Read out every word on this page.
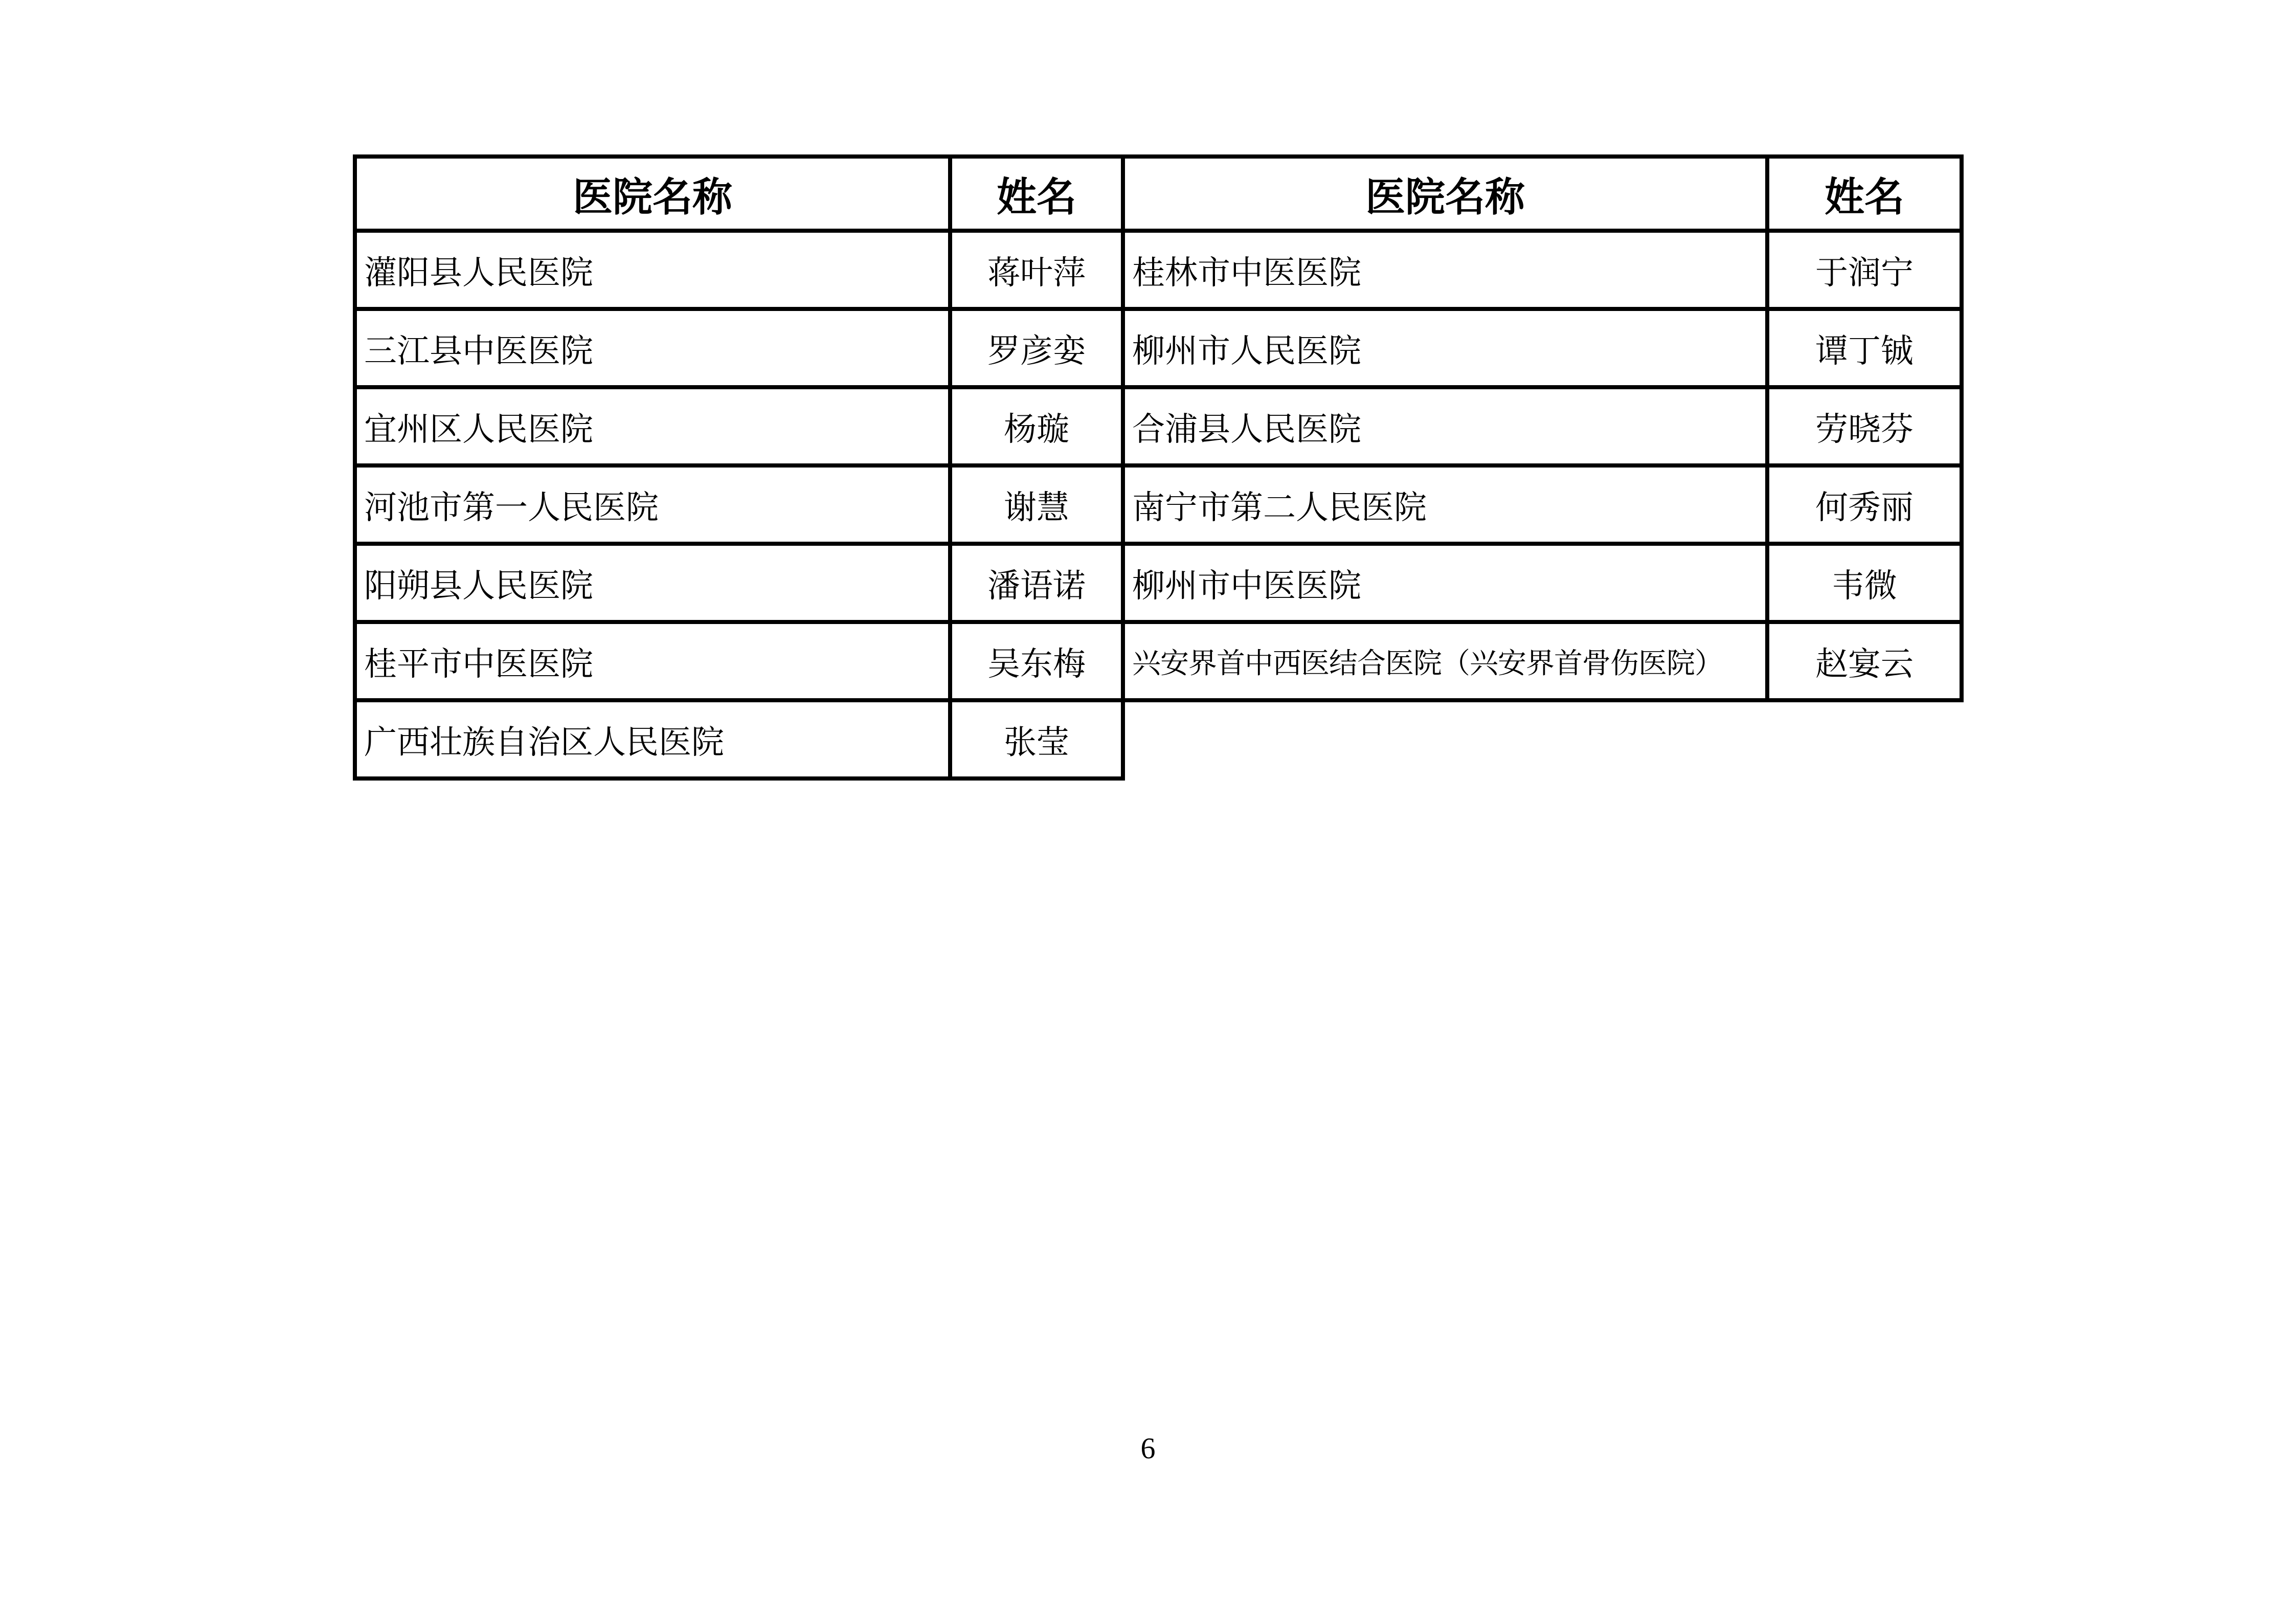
医院名称	姓名	医院名称	姓名
灌阳县人民医院	蒋叶萍	桂林市中医医院	于润宁
三江县中医医院	罗彦娈	柳州市人民医院	谭丁铖
宜州区人民医院	杨璇	合浦县人民医院	劳晓芬
河池市第一人民医院	谢慧	南宁市第二人民医院	何秀丽
阳朔县人民医院	潘语诺	柳州市中医医院	韦微
桂平市中医医院	吴东梅	兴安界首中西医结合医院（兴安界首骨伤医院）	赵宴云
广西壮族自治区人民医院	张莹
6
